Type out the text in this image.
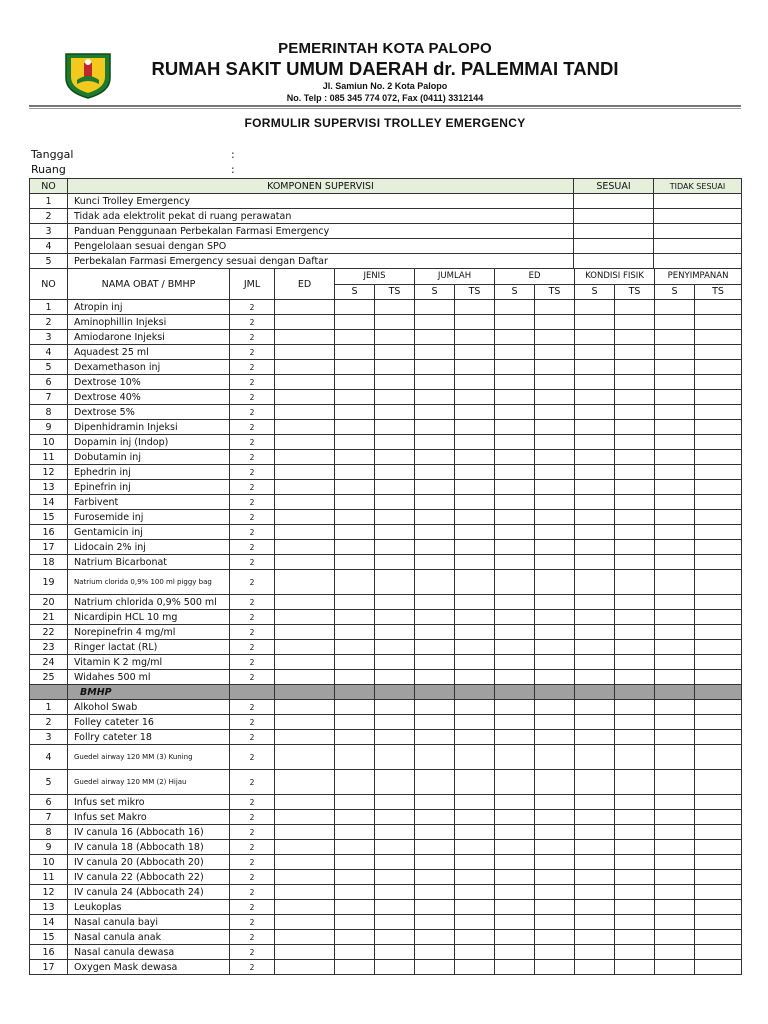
PEMERINTAH KOTA PALOPO
RUMAH SAKIT UMUM DAERAH dr. PALEMMAI TANDI
Jl. Samiun No. 2 Kota Palopo
No. Telp : 085 345 774 072, Fax (0411) 3312144
FORMULIR SUPERVISI TROLLEY EMERGENCY
Tanggal	:
Ruang	:
NO	KOMPONEN SUPERVISI	SESUAI	TIDAK SESUAI
1	Kunci Trolley Emergency		
2	Tidak ada elektrolit pekat di ruang perawatan		
3	Panduan Penggunaan Perbekalan Farmasi Emergency		
4	Pengelolaan sesuai dengan SPO		
5	Perbekalan Farmasi Emergency sesuai dengan Daftar		
NO	NAMA OBAT / BMHP	JML	ED	JENIS		JUMLAH		ED		KONDISI FISIK		PENYIMPANAN	
				S	TS	S	TS	S	TS	S	TS	S	TS
1	Atropin inj	2											
2	Aminophillin Injeksi	2											
3	Amiodarone Injeksi	2											
4	Aquadest 25 ml	2											
5	Dexamethason inj	2											
6	Dextrose 10%	2											
7	Dextrose 40%	2											
8	Dextrose 5%	2											
9	Dipenhidramin Injeksi	2											
10	Dopamin inj (Indop)	2											
11	Dobutamin inj	2											
12	Ephedrin inj	2											
13	Epinefrin inj	2											
14	Farbivent	2											
15	Furosemide inj	2											
16	Gentamicin inj	2											
17	Lidocain 2% inj	2											
18	Natrium Bicarbonat	2											
19	Natrium clorida 0,9% 100 ml piggy bag	2											
20	Natrium chlorida 0,9% 500 ml	2											
21	Nicardipin HCL 10 mg	2											
22	Norepinefrin 4 mg/ml	2											
23	Ringer lactat (RL)	2											
24	Vitamin K 2 mg/ml	2											
25	Widahes 500 ml	2											
	BMHP												
1	Alkohol Swab	2											
2	Folley cateter 16	2											
3	Follry cateter 18	2											
4	Guedel airway 120 MM (3) Kuning	2											
5	Guedel airway 120 MM (2) Hijau	2											
6	Infus set mikro	2											
7	Infus set Makro	2											
8	IV canula 16 (Abbocath 16)	2											
9	IV canula 18 (Abbocath 18)	2											
10	IV canula 20 (Abbocath 20)	2											
11	IV canula 22 (Abbocath 22)	2											
12	IV canula 24 (Abbocath 24)	2											
13	Leukoplas	2											
14	Nasal canula bayi	2											
15	Nasal canula anak	2											
16	Nasal canula dewasa	2											
17	Oxygen Mask dewasa	2											
